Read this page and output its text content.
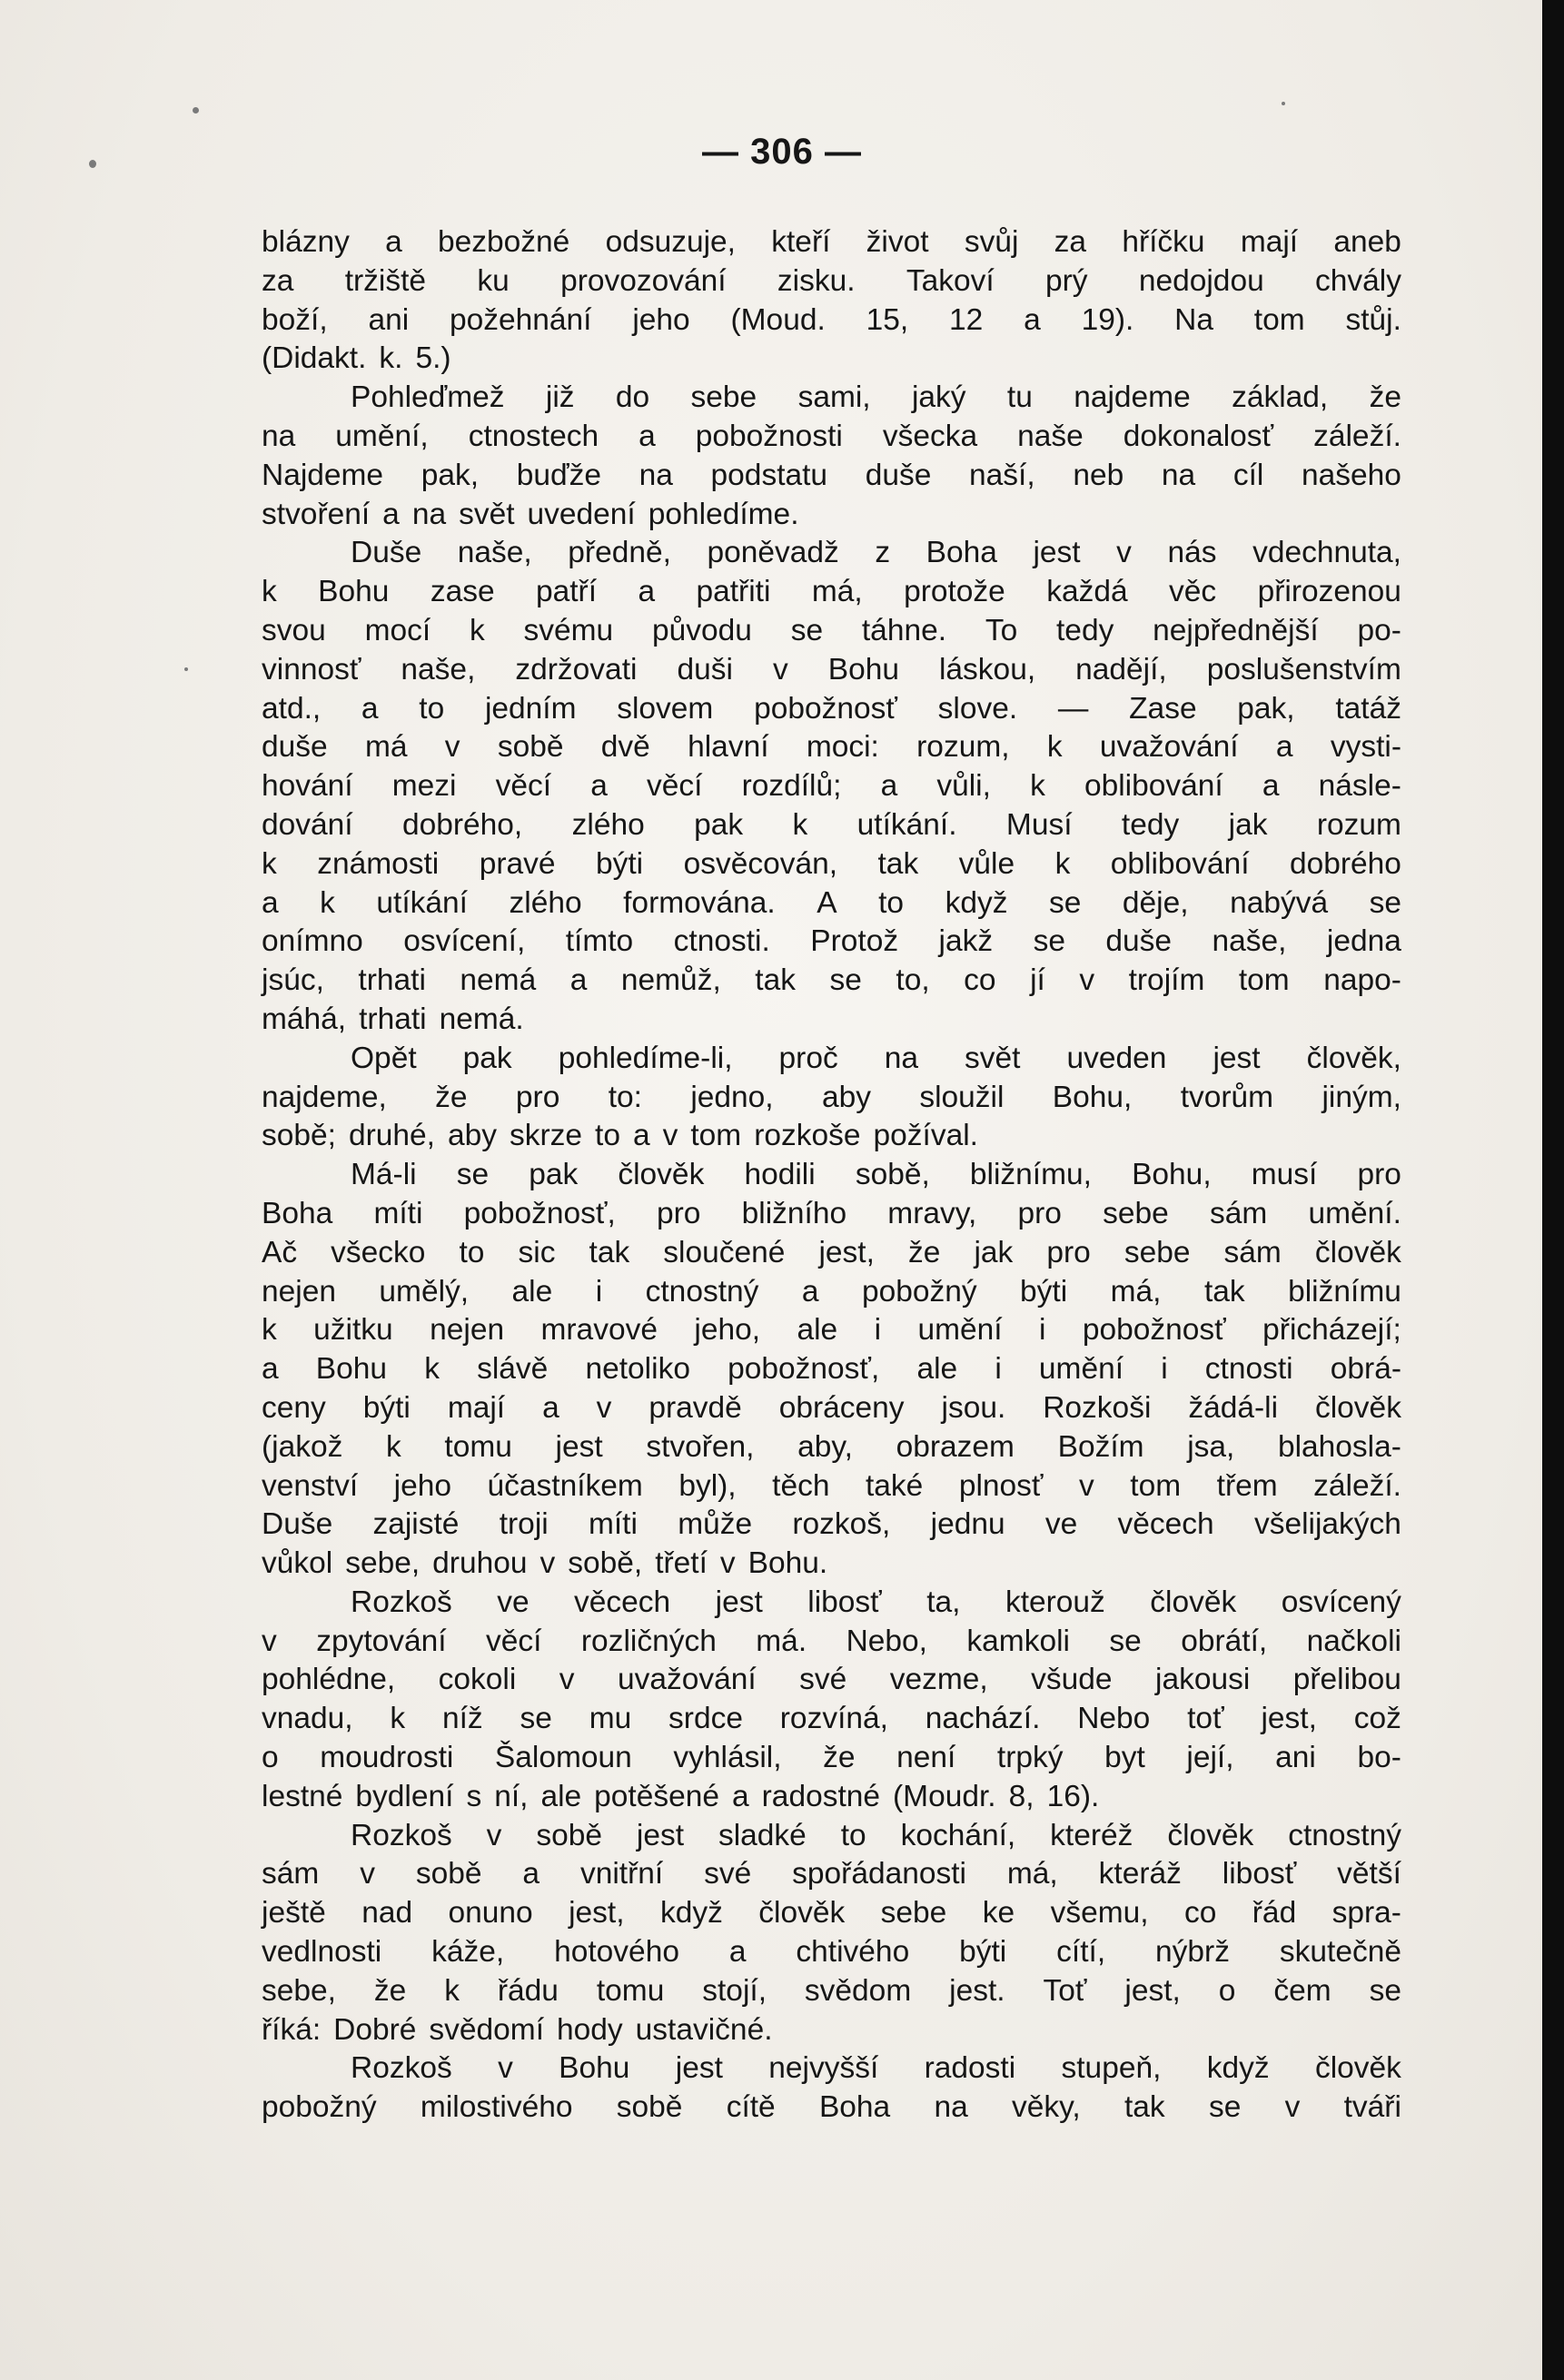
— 306 —
blázny a bezbožné odsuzuje, kteří život svůj za hříčku mají aneb
za tržiště ku provozování zisku. Takoví prý nedojdou chvály
boží, ani požehnání jeho (Moud. 15, 12 a 19). Na tom stůj.
(Didakt. k. 5.)
Pohleďmež již do sebe sami, jaký tu najdeme základ, že
na umění, ctnostech a pobožnosti všecka naše dokonalosť záleží.
Najdeme pak, buďže na podstatu duše naší, neb na cíl našeho
stvoření a na svět uvedení pohledíme.
Duše naše, předně, poněvadž z Boha jest v nás vdechnuta,
k Bohu zase patří a patřiti má, protože každá věc přirozenou
svou mocí k svému původu se táhne. To tedy nejpřednější po-
vinnosť naše, zdržovati duši v Bohu láskou, nadějí, poslušenstvím
atd., a to jedním slovem pobožnosť slove. — Zase pak, tatáž
duše má v sobě dvě hlavní moci: rozum, k uvažování a vysti-
hování mezi věcí a věcí rozdílů; a vůli, k oblibování a násle-
dování dobrého, zlého pak k utíkání. Musí tedy jak rozum
k známosti pravé býti osvěcován, tak vůle k oblibování dobrého
a k utíkání zlého formována. A to když se děje, nabývá se
onímno osvícení, tímto ctnosti. Protož jakž se duše naše, jedna
jsúc, trhati nemá a nemůž, tak se to, co jí v trojím tom napo-
máhá, trhati nemá.
Opět pak pohledíme-li, proč na svět uveden jest člověk,
najdeme, že pro to: jedno, aby sloužil Bohu, tvorům jiným,
sobě; druhé, aby skrze to a v tom rozkoše požíval.
Má-li se pak člověk hodili sobě, bližnímu, Bohu, musí pro
Boha míti pobožnosť, pro bližního mravy, pro sebe sám umění.
Ač všecko to sic tak sloučené jest, že jak pro sebe sám člověk
nejen umělý, ale i ctnostný a pobožný býti má, tak bližnímu
k užitku nejen mravové jeho, ale i umění i pobožnosť přicházejí;
a Bohu k slávě netoliko pobožnosť, ale i umění i ctnosti obrá-
ceny býti mají a v pravdě obráceny jsou. Rozkoši žádá-li člověk
(jakož k tomu jest stvořen, aby, obrazem Božím jsa, blahosla-
venství jeho účastníkem byl), těch také plnosť v tom třem záleží.
Duše zajisté troji míti může rozkoš, jednu ve věcech všelijakých
vůkol sebe, druhou v sobě, třetí v Bohu.
Rozkoš ve věcech jest libosť ta, kterouž člověk osvícený
v zpytování věcí rozličných má. Nebo, kamkoli se obrátí, načkoli
pohlédne, cokoli v uvažování své vezme, všude jakousi přelibou
vnadu, k níž se mu srdce rozvíná, nachází. Nebo toť jest, což
o moudrosti Šalomoun vyhlásil, že není trpký byt její, ani bo-
lestné bydlení s ní, ale potěšené a radostné (Moudr. 8, 16).
Rozkoš v sobě jest sladké to kochání, kteréž člověk ctnostný
sám v sobě a vnitřní své spořádanosti má, kteráž libosť větší
ještě nad onuno jest, když člověk sebe ke všemu, co řád spra-
vedlnosti káže, hotového a chtivého býti cítí, nýbrž skutečně
sebe, že k řádu tomu stojí, svědom jest. Toť jest, o čem se
říká: Dobré svědomí hody ustavičné.
Rozkoš v Bohu jest nejvyšší radosti stupeň, když člověk
pobožný milostivého sobě cítě Boha na věky, tak se v tváři
